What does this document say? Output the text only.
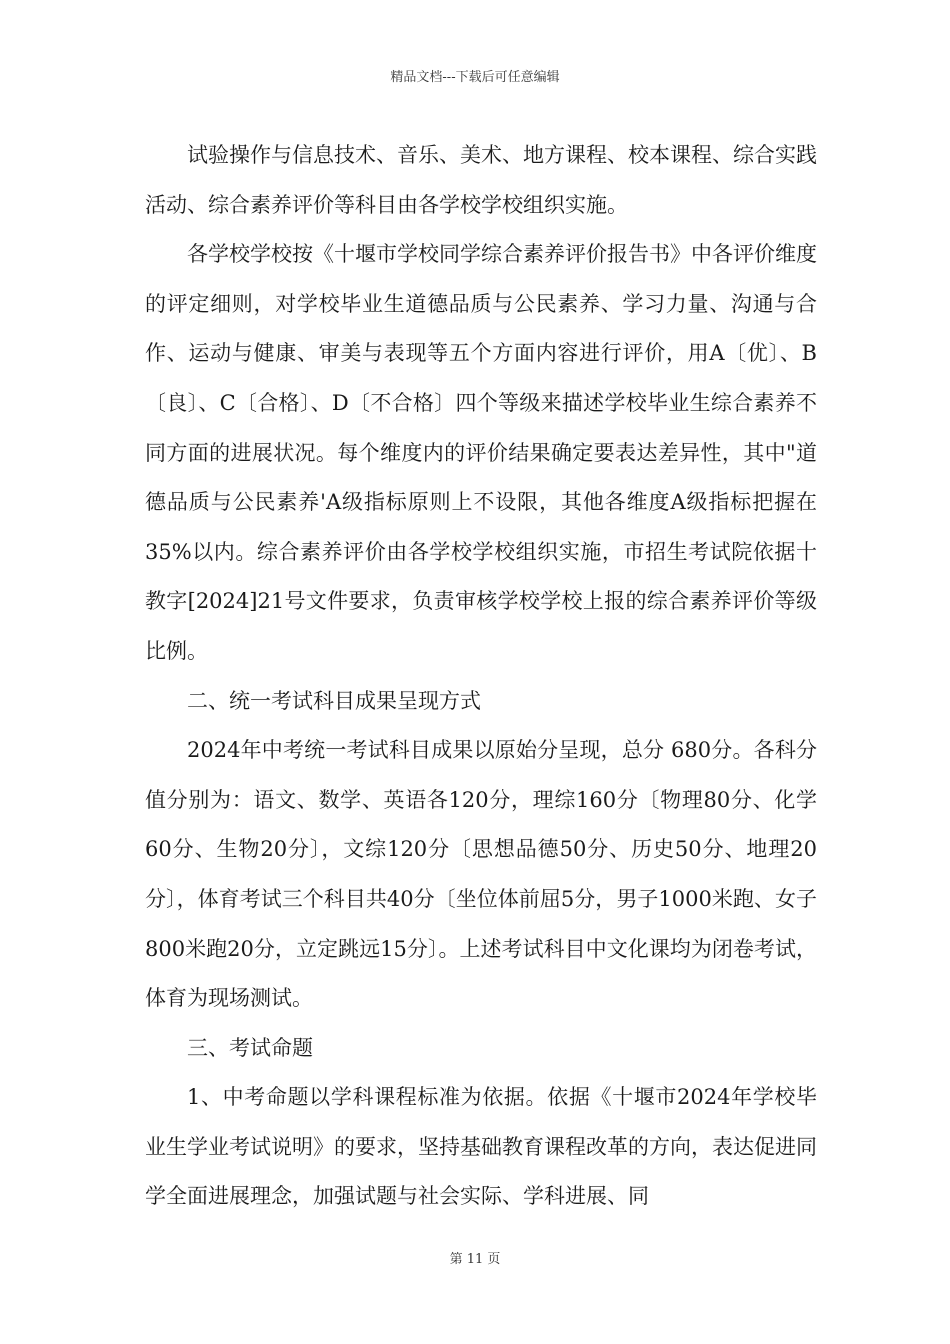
精品文档---下载后可任意编辑

试验操作与信息技术、音乐、美术、地方课程、校本课程、综合实践活动、综合素养评价等科目由各学校学校组织实施。

各学校学校按《十堰市学校同学综合素养评价报告书》中各评价维度的评定细则，对学校毕业生道德品质与公民素养、学习力量、沟通与合作、运动与健康、审美与表现等五个方面内容进行评价，用A〔优〕、B〔良〕、C〔合格〕、D〔不合格〕四个等级来描述学校毕业生综合素养不同方面的进展状况。每个维度内的评价结果确定要表达差异性，其中"道德品质与公民素养'A级指标原则上不设限，其他各维度A级指标把握在35%以内。综合素养评价由各学校学校组织实施，市招生考试院依据十教字[2024]21号文件要求，负责审核学校学校上报的综合素养评价等级比例。

二、统一考试科目成果呈现方式

2024年中考统一考试科目成果以原始分呈现，总分 680分。各科分值分别为：语文、数学、英语各120分，理综160分〔物理80分、化学60分、生物20分〕，文综120分〔思想品德50分、历史50分、地理20分〕，体育考试三个科目共40分〔坐位体前屈5分，男子1000米跑、女子800米跑20分，立定跳远15分〕。上述考试科目中文化课均为闭卷考试，体育为现场测试。

三、考试命题

1、中考命题以学科课程标准为依据。依据《十堰市2024年学校毕业生学业考试说明》的要求，坚持基础教育课程改革的方向，表达促进同学全面进展理念，加强试题与社会实际、学科进展、同

第 11 页
